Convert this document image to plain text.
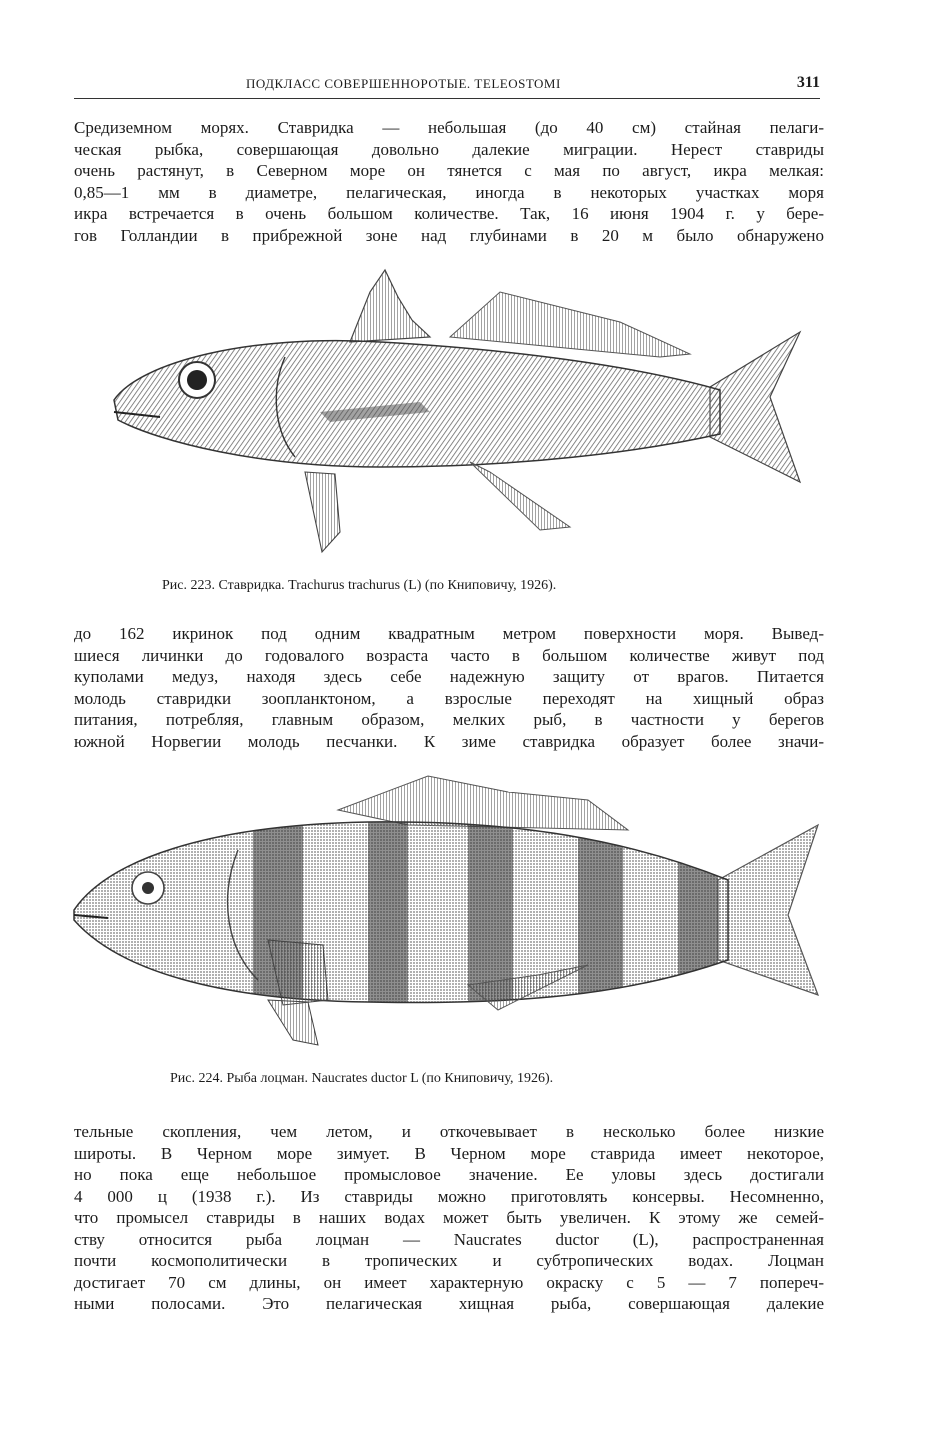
ПОДКЛАСС СОВЕРШЕННОРОТЫЕ. TELEOSTOMI	311
Средиземном морях. Ставридка — небольшая (до 40 см) стайная пелаги-
ческая рыбка, совершающая довольно далекие миграции. Нерест ставриды
очень растянут, в Северном море он тянется с мая по август, икра мелкая:
0,85—1 мм в диаметре, пелагическая, иногда в некоторых участках моря
икра встречается в очень большом количестве. Так, 16 июня 1904 г. у бере-
гов Голландии в прибрежной зоне над глубинами в 20 м было обнаружено
Рис. 223. Ставридка. Trachurus trachurus (L) (по Книповичу, 1926).
до 162 икринок под одним квадратным метром поверхности моря. Вывед-
шиеся личинки до годовалого возраста часто в большом количестве живут под
куполами медуз, находя здесь себе надежную защиту от врагов. Питается
молодь ставридки зоопланктоном, а взрослые переходят на хищный образ
питания, потребляя, главным образом, мелких рыб, в частности у берегов
южной Норвегии молодь песчанки. К зиме ставридка образует более значи-
Рис. 224. Рыба лоцман. Naucrates ductor L (по Книповичу, 1926).
тельные скопления, чем летом, и откочевывает в несколько более низкие
широты. В Черном море зимует. В Черном море ставрида имеет некоторое,
но пока еще небольшое промысловое значение. Ее уловы здесь достигали
4 000 ц (1938 г.). Из ставриды можно приготовлять консервы. Несомненно,
что промысел ставриды в наших водах может быть увеличен. К этому же семей-
ству относится рыба лоцман — Naucrates ductor (L), распространенная
почти космополитически в тропических и субтропических водах. Лоцман
достигает 70 см длины, он имеет характерную окраску с 5 — 7 попереч-
ными полосами. Это пелагическая хищная рыба, совершающая далекие
